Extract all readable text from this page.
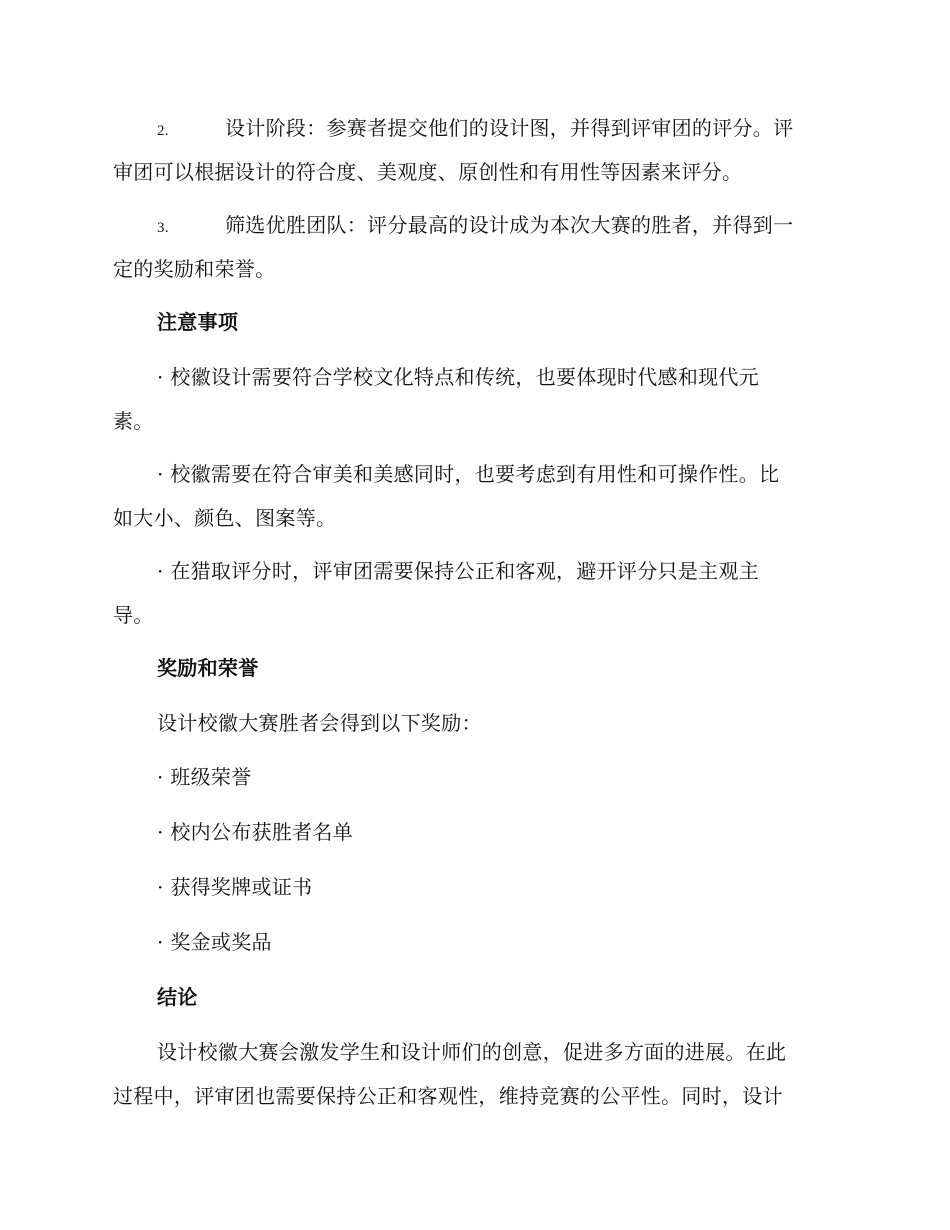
2.	设计阶段：参赛者提交他们的设计图，并得到评审团的评分。评
审团可以根据设计的符合度、美观度、原创性和有用性等因素来评分。
3.	筛选优胜团队：评分最高的设计成为本次大赛的胜者，并得到一
定的奖励和荣誉。
注意事项
· 校徽设计需要符合学校文化特点和传统，也要体现时代感和现代元
素。
· 校徽需要在符合审美和美感同时，也要考虑到有用性和可操作性。比
如大小、颜色、图案等。
· 在猎取评分时，评审团需要保持公正和客观，避开评分只是主观主
导。
奖励和荣誉
设计校徽大赛胜者会得到以下奖励：
· 班级荣誉
· 校内公布获胜者名单
· 获得奖牌或证书
· 奖金或奖品
结论
设计校徽大赛会激发学生和设计师们的创意，促进多方面的进展。在此
过程中，评审团也需要保持公正和客观性，维持竞赛的公平性。同时，设计
